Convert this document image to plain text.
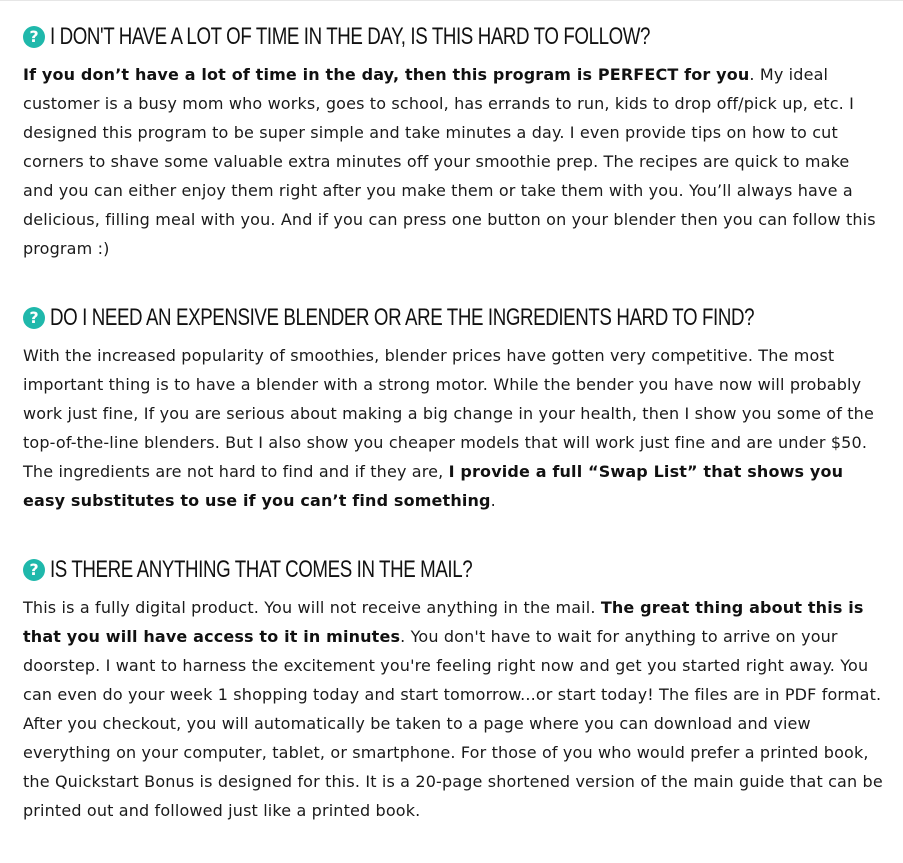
? I DON'T HAVE A LOT OF TIME IN THE DAY, IS THIS HARD TO FOLLOW?

If you don’t have a lot of time in the day, then this program is PERFECT for you. My ideal customer is a busy mom who works, goes to school, has errands to run, kids to drop off/pick up, etc. I designed this program to be super simple and take minutes a day. I even provide tips on how to cut corners to shave some valuable extra minutes off your smoothie prep. The recipes are quick to make and you can either enjoy them right after you make them or take them with you. You’ll always have a delicious, filling meal with you. And if you can press one button on your blender then you can follow this program :)

? DO I NEED AN EXPENSIVE BLENDER OR ARE THE INGREDIENTS HARD TO FIND?

With the increased popularity of smoothies, blender prices have gotten very competitive. The most important thing is to have a blender with a strong motor. While the bender you have now will probably work just fine, If you are serious about making a big change in your health, then I show you some of the top-of-the-line blenders. But I also show you cheaper models that will work just fine and are under $50. The ingredients are not hard to find and if they are, I provide a full “Swap List” that shows you easy substitutes to use if you can’t find something.

? IS THERE ANYTHING THAT COMES IN THE MAIL?

This is a fully digital product. You will not receive anything in the mail. The great thing about this is that you will have access to it in minutes. You don't have to wait for anything to arrive on your doorstep. I want to harness the excitement you're feeling right now and get you started right away. You can even do your week 1 shopping today and start tomorrow...or start today! The files are in PDF format. After you checkout, you will automatically be taken to a page where you can download and view everything on your computer, tablet, or smartphone. For those of you who would prefer a printed book, the Quickstart Bonus is designed for this. It is a 20-page shortened version of the main guide that can be printed out and followed just like a printed book.
